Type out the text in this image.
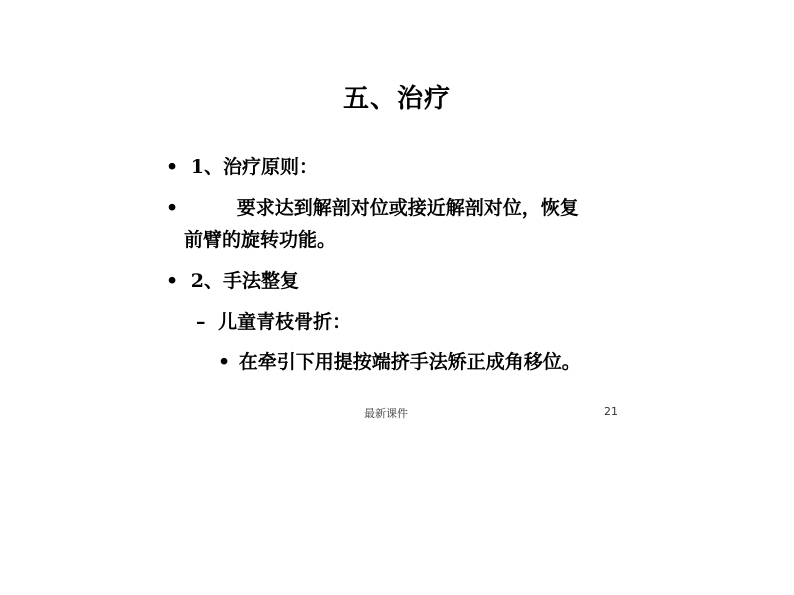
五、治疗
• 1、治疗原则：
•	要求达到解剖对位或接近解剖对位，恢复
前臂的旋转功能。
• 2、手法整复
– 儿童青枝骨折：
• 在牵引下用提按端挤手法矫正成角移位。
最新课件	21
